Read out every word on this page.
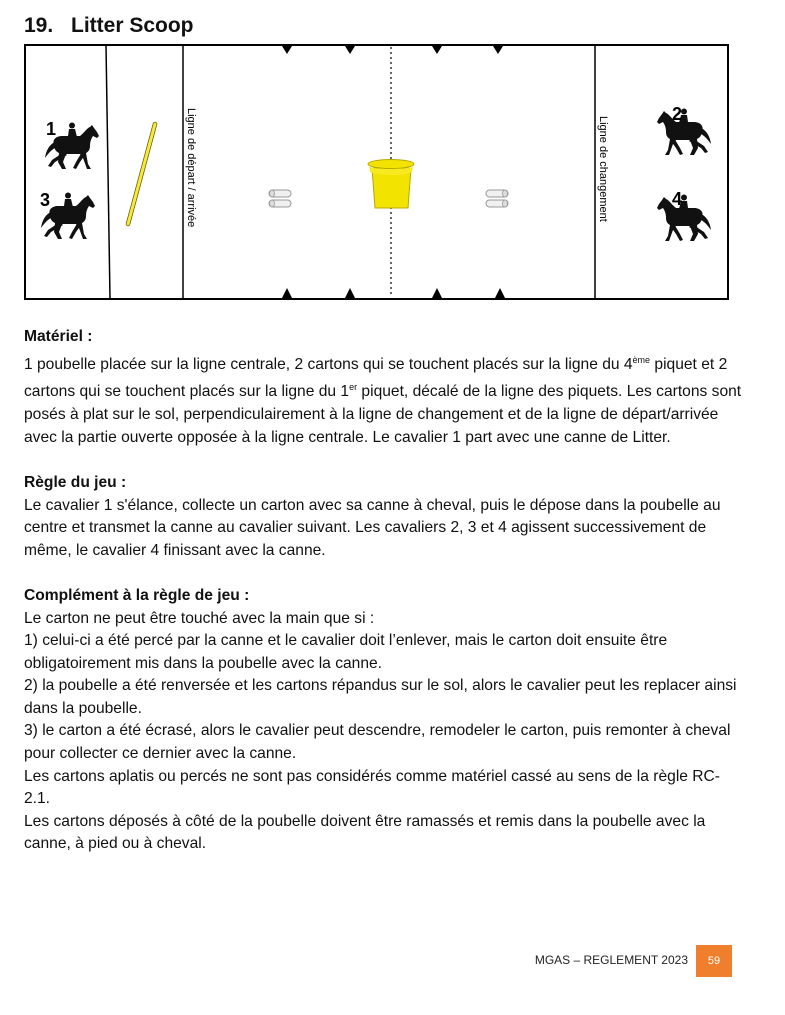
19. Litter Scoop
1
3
2
4
Ligne de départ / arrivée	Ligne de changement
Matériel :

1 poubelle placée sur la ligne centrale, 2 cartons qui se touchent placés sur la ligne du 4ème piquet et 2 cartons qui se touchent placés sur la ligne du 1er piquet, décalé de la ligne des piquets. Les cartons sont posés à plat sur le sol, perpendiculairement à la ligne de changement et de la ligne de départ/arrivée avec la partie ouverte opposée à la ligne centrale. Le cavalier 1 part avec une canne de Litter.

Règle du jeu :

Le cavalier 1 s'élance, collecte un carton avec sa canne à cheval, puis le dépose dans la poubelle au centre et transmet la canne au cavalier suivant. Les cavaliers 2, 3 et 4 agissent successivement de même, le cavalier 4 finissant avec la canne.

Complément à la règle de jeu :

Le carton ne peut être touché avec la main que si :

1) celui-ci a été percé par la canne et le cavalier doit l’enlever, mais le carton doit ensuite être obligatoirement mis dans la poubelle avec la canne.

2) la poubelle a été renversée et les cartons répandus sur le sol, alors le cavalier peut les replacer ainsi dans la poubelle.

3) le carton a été écrasé, alors le cavalier peut descendre, remodeler le carton, puis remonter à cheval pour collecter ce dernier avec la canne.

Les cartons aplatis ou percés ne sont pas considérés comme matériel cassé au sens de la règle RC-2.1.

Les cartons déposés à côté de la poubelle doivent être ramassés et remis dans la poubelle avec la canne, à pied ou à cheval.

MGAS – REGLEMENT 2023	59
